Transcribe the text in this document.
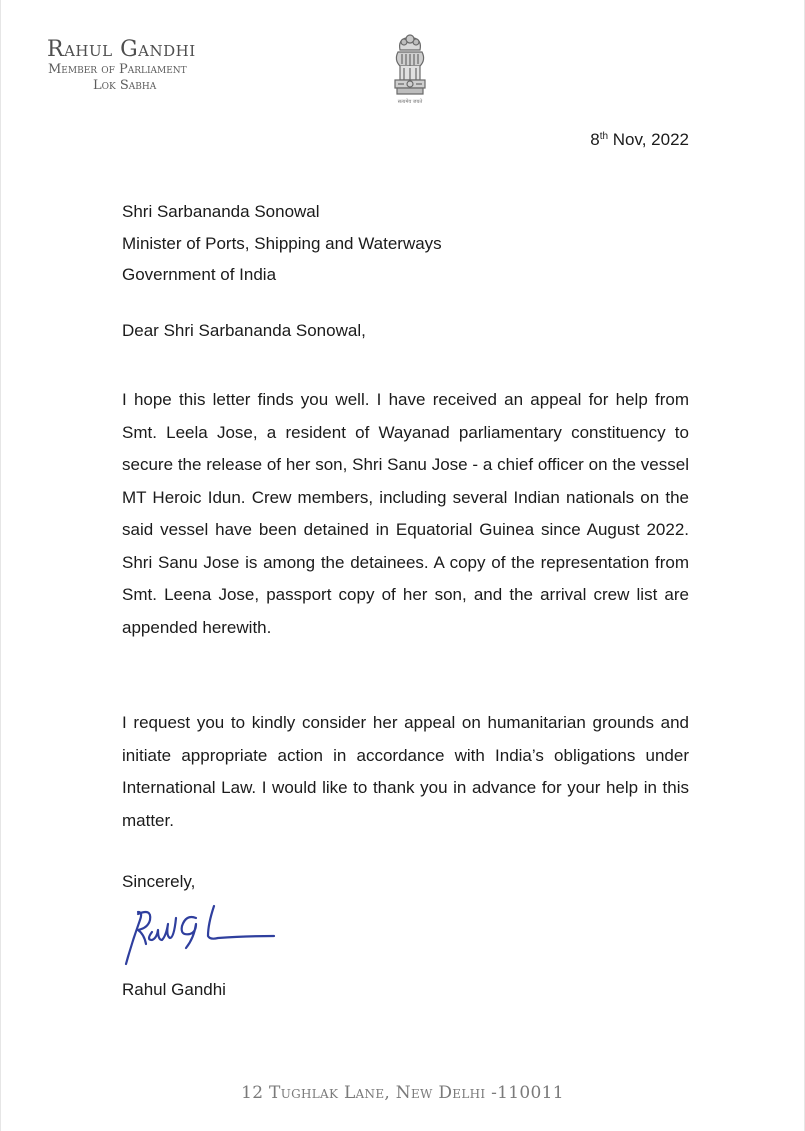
Rahul Gandhi
Member of Parliament
Lok Sabha
सत्यमेव जयते
8th Nov, 2022
Shri Sarbananda Sonowal
Minister of Ports, Shipping and Waterways
Government of India
Dear Shri Sarbananda Sonowal,
I hope this letter finds you well. I have received an appeal for help from Smt. Leela Jose, a resident of Wayanad parliamentary constituency to secure the release of her son, Shri Sanu Jose - a chief officer on the vessel MT Heroic Idun. Crew members, including several Indian nationals on the said vessel have been detained in Equatorial Guinea since August 2022. Shri Sanu Jose is among the detainees. A copy of the representation from Smt. Leena Jose, passport copy of her son, and the arrival crew list are appended herewith.
I request you to kindly consider her appeal on humanitarian grounds and initiate appropriate action in accordance with India’s obligations under International Law. I would like to thank you in advance for your help in this matter.
Sincerely,
Rahul Gandhi
12 Tughlak Lane, New Delhi -110011
